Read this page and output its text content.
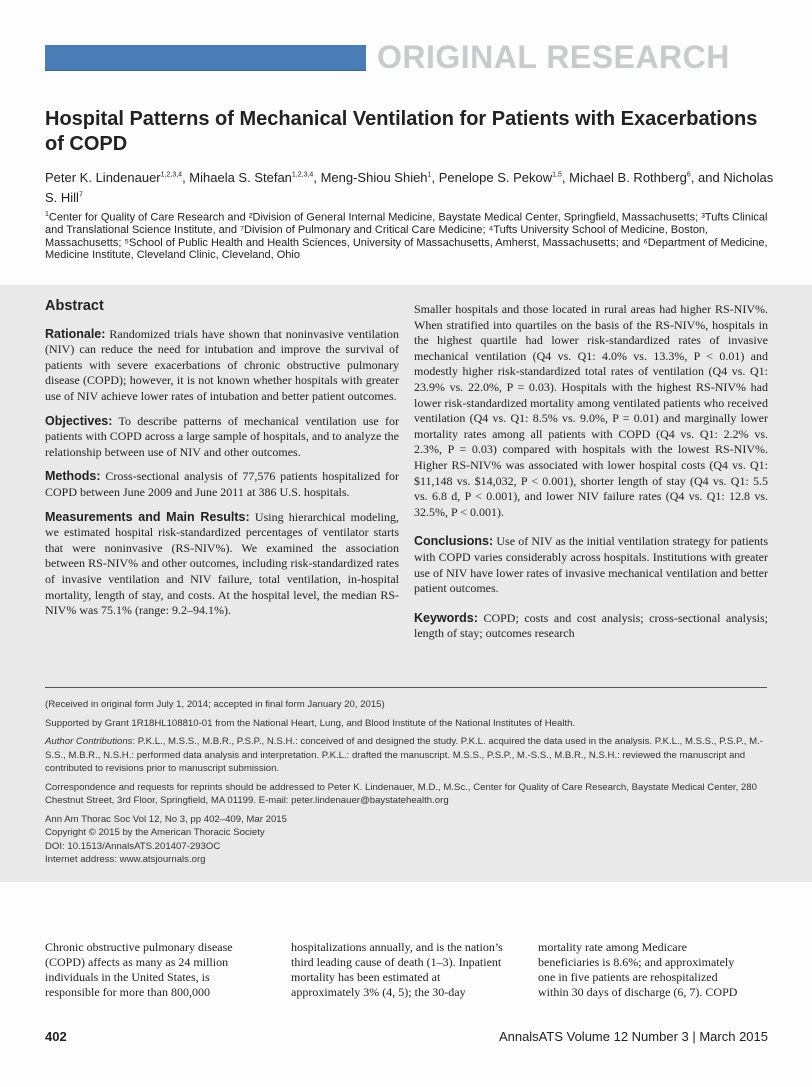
ORIGINAL RESEARCH
Hospital Patterns of Mechanical Ventilation for Patients with Exacerbations of COPD
Peter K. Lindenauer$^{1,2,3,4}$, Mihaela S. Stefan$^{1,2,3,4}$, Meng-Shiou Shieh$^1$, Penelope S. Pekow$^{1,5}$, Michael B. Rothberg$^6$, and Nicholas S. Hill$^7$
$^1$Center for Quality of Care Research and ²Division of General Internal Medicine, Baystate Medical Center, Springfield, Massachusetts; ³Tufts Clinical and Translational Science Institute, and ⁷Division of Pulmonary and Critical Care Medicine; ⁴Tufts University School of Medicine, Boston, Massachusetts; ⁵School of Public Health and Health Sciences, University of Massachusetts, Amherst, Massachusetts; and ⁶Department of Medicine, Medicine Institute, Cleveland Clinic, Cleveland, Ohio
Abstract

Rationale: Randomized trials have shown that noninvasive ventilation (NIV) can reduce the need for intubation and improve the survival of patients with severe exacerbations of chronic obstructive pulmonary disease (COPD); however, it is not known whether hospitals with greater use of NIV achieve lower rates of intubation and better patient outcomes.

Objectives: To describe patterns of mechanical ventilation use for patients with COPD across a large sample of hospitals, and to analyze the relationship between use of NIV and other outcomes.

Methods: Cross-sectional analysis of 77,576 patients hospitalized for COPD between June 2009 and June 2011 at 386 U.S. hospitals.

Measurements and Main Results: Using hierarchical modeling, we estimated hospital risk-standardized percentages of ventilator starts that were noninvasive (RS-NIV%). We examined the association between RS-NIV% and other outcomes, including risk-standardized rates of invasive ventilation and NIV failure, total ventilation, in-hospital mortality, length of stay, and costs. At the hospital level, the median RS-NIV% was 75.1% (range: 9.2–94.1%).

Smaller hospitals and those located in rural areas had higher RS-NIV%. When stratified into quartiles on the basis of the RS-NIV%, hospitals in the highest quartile had lower risk-standardized rates of invasive mechanical ventilation (Q4 vs. Q1: 4.0% vs. 13.3%, P < 0.01) and modestly higher risk-standardized total rates of ventilation (Q4 vs. Q1: 23.9% vs. 22.0%, P = 0.03). Hospitals with the highest RS-NIV% had lower risk-standardized mortality among ventilated patients who received ventilation (Q4 vs. Q1: 8.5% vs. 9.0%, P = 0.01) and marginally lower mortality rates among all patients with COPD (Q4 vs. Q1: 2.2% vs. 2.3%, P = 0.03) compared with hospitals with the lowest RS-NIV%. Higher RS-NIV% was associated with lower hospital costs (Q4 vs. Q1: $11,148 vs. $14,032, P < 0.001), shorter length of stay (Q4 vs. Q1: 5.5 vs. 6.8 d, P < 0.001), and lower NIV failure rates (Q4 vs. Q1: 12.8 vs. 32.5%, P < 0.001).

Conclusions: Use of NIV as the initial ventilation strategy for patients with COPD varies considerably across hospitals. Institutions with greater use of NIV have lower rates of invasive mechanical ventilation and better patient outcomes.

Keywords: COPD; costs and cost analysis; cross-sectional analysis; length of stay; outcomes research

(Received in original form July 1, 2014; accepted in final form January 20, 2015)

Supported by Grant 1R18HL108810-01 from the National Heart, Lung, and Blood Institute of the National Institutes of Health.

Author Contributions: P.K.L., M.S.S., M.B.R., P.S.P., N.S.H.: conceived of and designed the study. P.K.L. acquired the data used in the analysis. P.K.L., M.S.S., P.S.P., M.-S.S., M.B.R., N.S.H.: performed data analysis and interpretation. P.K.L.: drafted the manuscript. M.S.S., P.S.P., M.-S.S., M.B.R., N.S.H.: reviewed the manuscript and contributed to revisions prior to manuscript submission.

Correspondence and requests for reprints should be addressed to Peter K. Lindenauer, M.D., M.Sc., Center for Quality of Care Research, Baystate Medical Center, 280 Chestnut Street, 3rd Floor, Springfield, MA 01199. E-mail: peter.lindenauer@baystatehealth.org

Ann Am Thorac Soc Vol 12, No 3, pp 402–409, Mar 2015
Copyright © 2015 by the American Thoracic Society
DOI: 10.1513/AnnalsATS.201407-293OC
Internet address: www.atsjournals.org
Chronic obstructive pulmonary disease (COPD) affects as many as 24 million individuals in the United States, is responsible for more than 800,000
hospitalizations annually, and is the nation’s third leading cause of death (1–3). Inpatient mortality has been estimated at approximately 3% (4, 5); the 30-day
mortality rate among Medicare beneficiaries is 8.6%; and approximately one in five patients are rehospitalized within 30 days of discharge (6, 7). COPD
402	AnnalsATS Volume 12 Number 3 | March 2015
